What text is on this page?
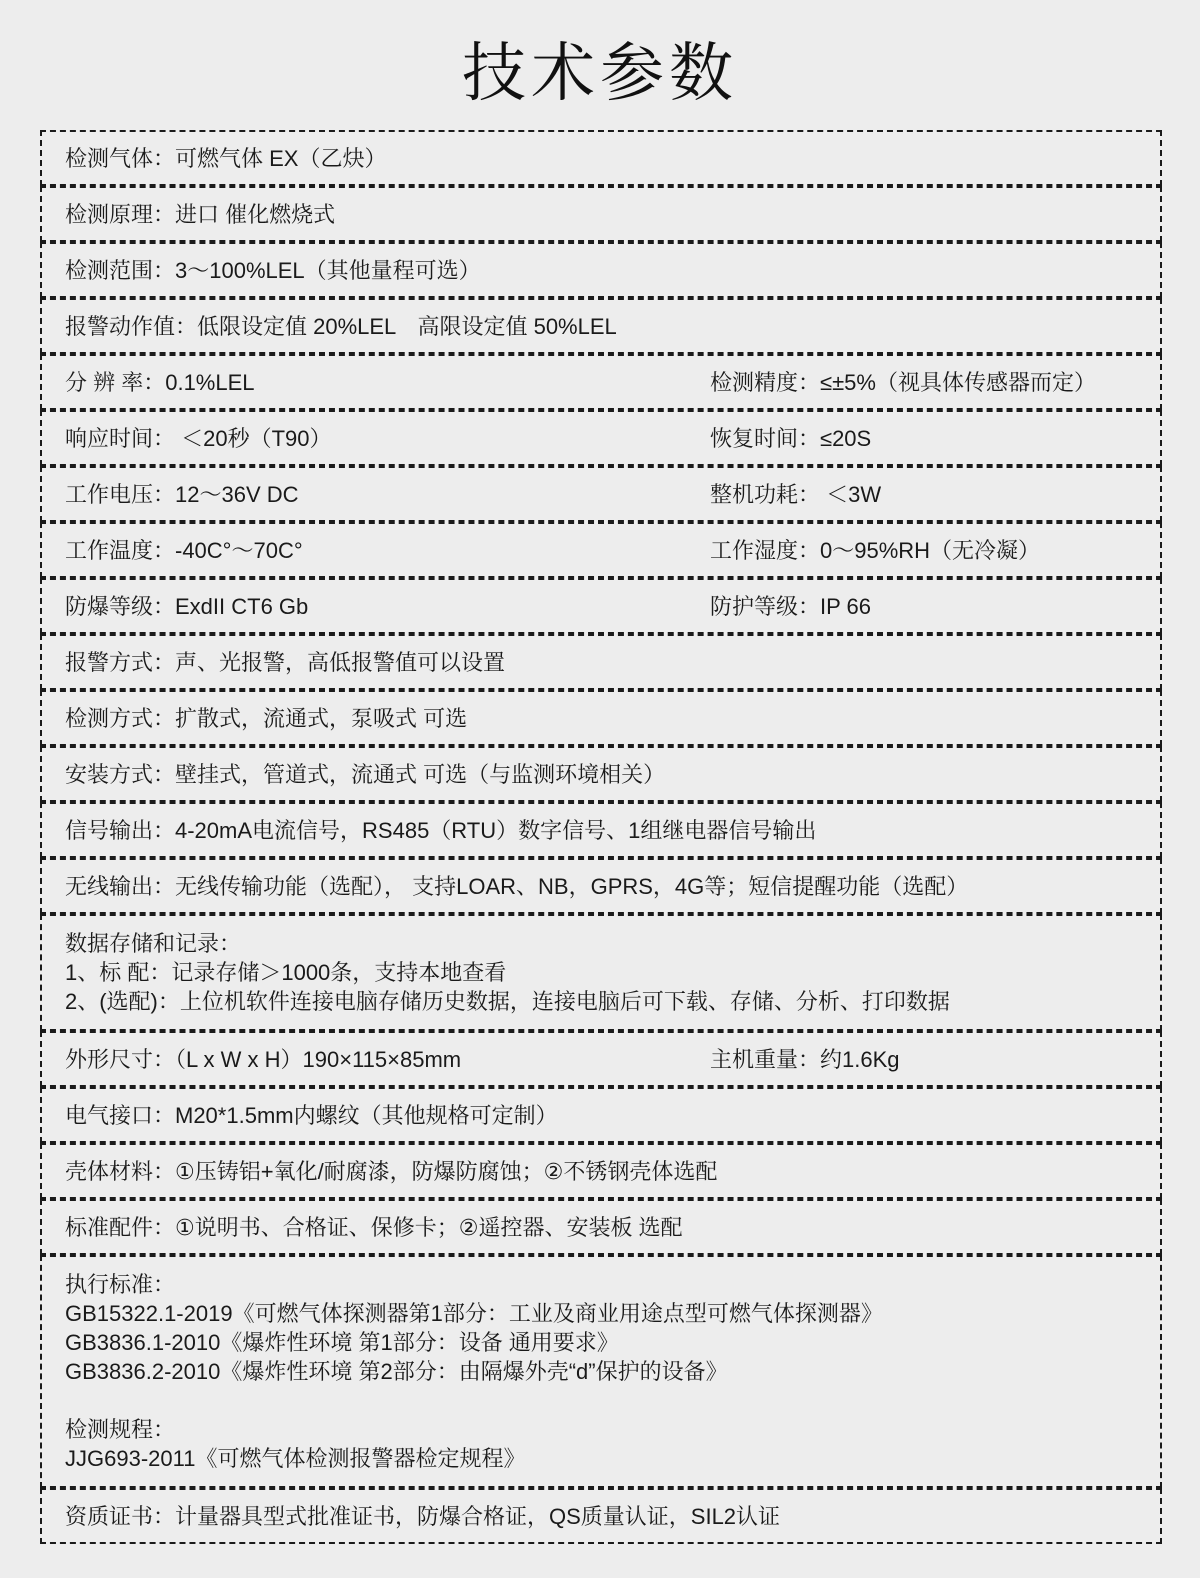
技术参数
检测气体：可燃气体 EX（乙炔）
检测原理：进口 催化燃烧式
检测范围：3～100%LEL（其他量程可选）
报警动作值：低限设定值 20%LEL　高限设定值 50%LEL
分 辨 率：0.1%LEL	检测精度：≤±5%（视具体传感器而定）
响应时间： ＜20秒（T90）	恢复时间：≤20S
工作电压：12～36V DC	整机功耗： ＜3W
工作温度：-40C°～70C°	工作湿度：0～95%RH（无冷凝）
防爆等级：ExdII CT6 Gb	防护等级：IP 66
报警方式：声、光报警，高低报警值可以设置
检测方式：扩散式，流通式，泵吸式 可选
安装方式：壁挂式，管道式，流通式 可选（与监测环境相关）
信号输出：4-20mA电流信号，RS485（RTU）数字信号、1组继电器信号输出
无线输出：无线传输功能（选配）， 支持LOAR、NB，GPRS，4G等；短信提醒功能（选配）
数据存储和记录：
1、标 配：记录存储＞1000条，支持本地查看
2、(选配)：上位机软件连接电脑存储历史数据，连接电脑后可下载、存储、分析、打印数据
外形尺寸：（L x W x H）190×115×85mm	主机重量：约1.6Kg
电气接口：M20*1.5mm内螺纹（其他规格可定制）
壳体材料：①压铸铝+氧化/耐腐漆，防爆防腐蚀；②不锈钢壳体选配
标准配件：①说明书、合格证、保修卡；②遥控器、安装板 选配
执行标准：
GB15322.1-2019《可燃气体探测器第1部分：工业及商业用途点型可燃气体探测器》
GB3836.1-2010《爆炸性环境 第1部分：设备 通用要求》
GB3836.2-2010《爆炸性环境 第2部分：由隔爆外壳“d”保护的设备》
检测规程：
JJG693-2011《可燃气体检测报警器检定规程》
资质证书：计量器具型式批准证书，防爆合格证，QS质量认证，SIL2认证
